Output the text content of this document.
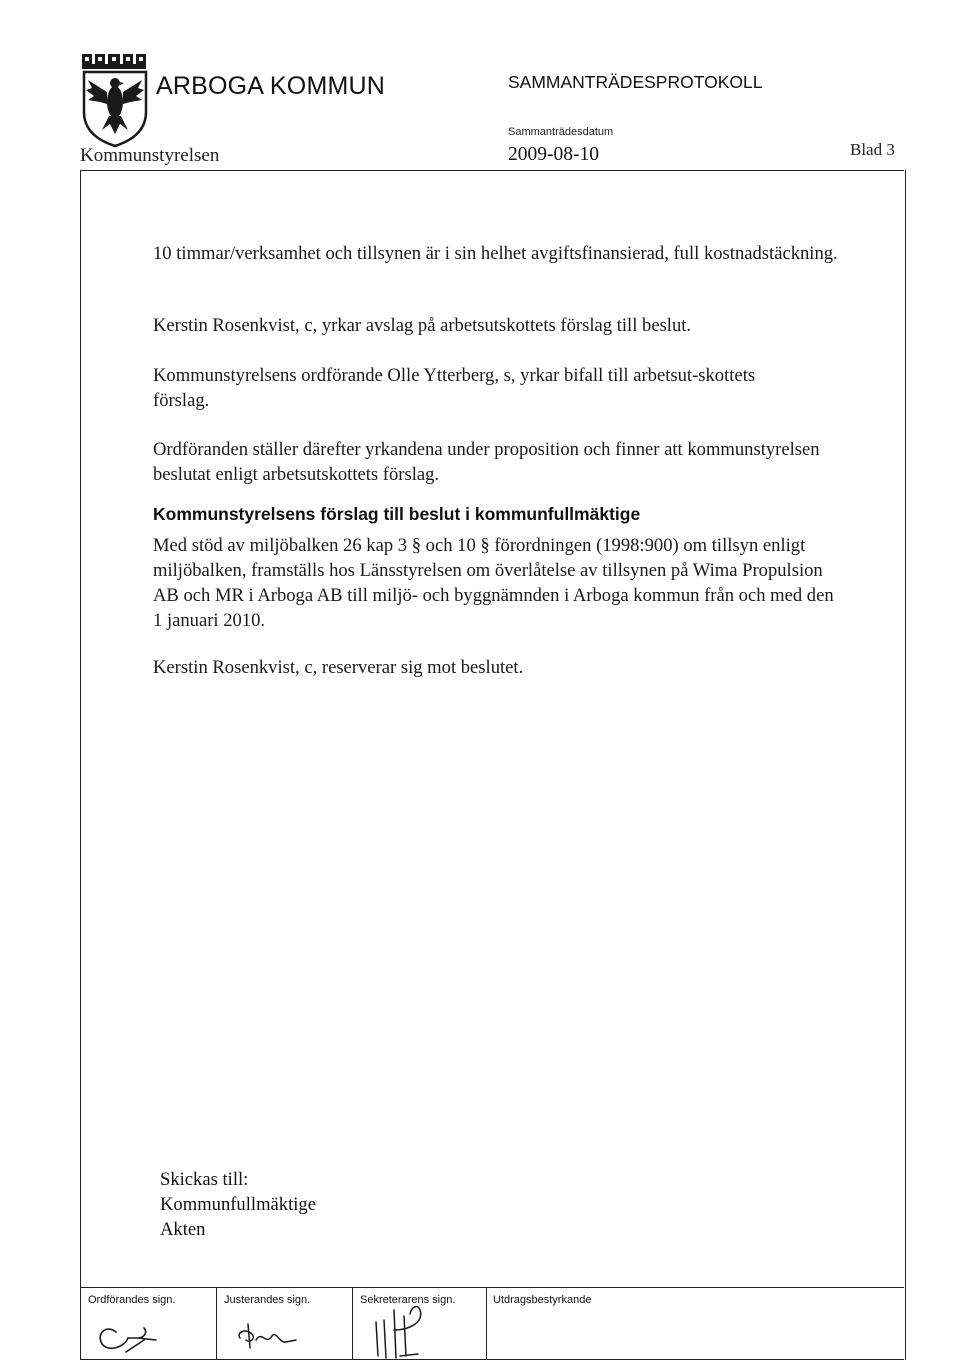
ARBOGA KOMMUN	SAMMANTRÄDESPROTOKOLL
Sammanträdesdatum
Kommunstyrelsen	2009-08-10	Blad 3
10 timmar/verksamhet och tillsynen är i sin helhet avgiftsfinansierad, full kostnadstäckning.
Kerstin Rosenkvist, c, yrkar avslag på arbetsutskottets förslag till beslut.
Kommunstyrelsens ordförande Olle Ytterberg, s, yrkar bifall till arbetsut-skottets förslag.
Ordföranden ställer därefter yrkandena under proposition och finner att kommunstyrelsen beslutat enligt arbetsutskottets förslag.
Kommunstyrelsens förslag till beslut i kommunfullmäktige
Med stöd av miljöbalken 26 kap 3 § och 10 § förordningen (1998:900) om tillsyn enligt miljöbalken, framställs hos Länsstyrelsen om överlåtelse av tillsynen på Wima Propulsion AB och MR i Arboga AB till miljö- och byggnämnden i Arboga kommun från och med den 1 januari 2010.
Kerstin Rosenkvist, c, reserverar sig mot beslutet.
Skickas till:
Kommunfullmäktige
Akten
Ordförandes sign.	Justerandes sign.	Sekreterarens sign.	Utdragsbestyrkande
